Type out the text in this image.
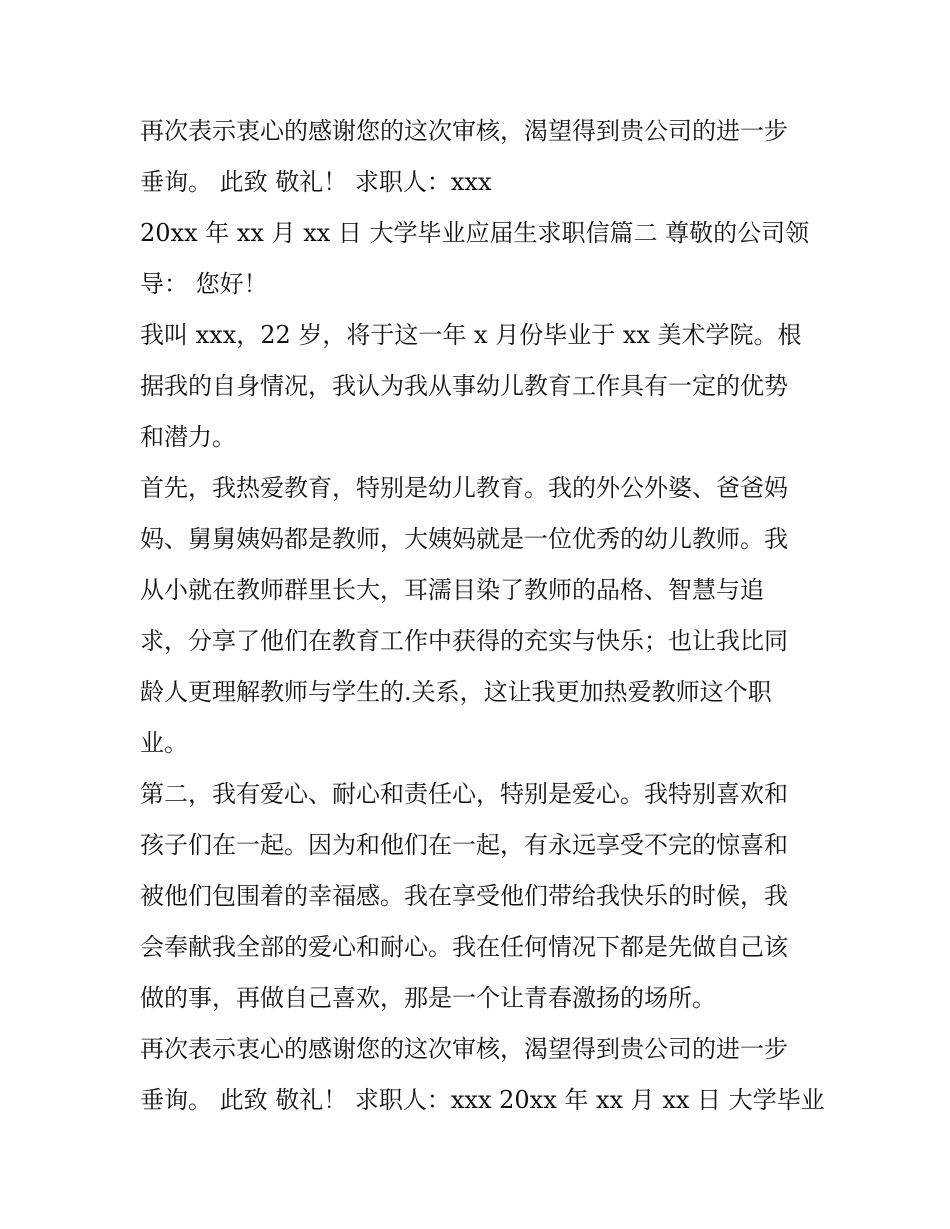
再次表示衷心的感谢您的这次审核，渴望得到贵公司的进一步
垂询。 此致 敬礼！ 求职人：xxx
20xx 年 xx 月 xx 日 大学毕业应届生求职信篇二 尊敬的公司领
导： 您好！
我叫 xxx，22 岁，将于这一年 x 月份毕业于 xx 美术学院。根
据我的自身情况，我认为我从事幼儿教育工作具有一定的优势
和潜力。
首先，我热爱教育，特别是幼儿教育。我的外公外婆、爸爸妈
妈、舅舅姨妈都是教师，大姨妈就是一位优秀的幼儿教师。我
从小就在教师群里长大，耳濡目染了教师的品格、智慧与追
求，分享了他们在教育工作中获得的充实与快乐；也让我比同
龄人更理解教师与学生的.关系，这让我更加热爱教师这个职
业。
第二，我有爱心、耐心和责任心，特别是爱心。我特别喜欢和
孩子们在一起。因为和他们在一起，有永远享受不完的惊喜和
被他们包围着的幸福感。我在享受他们带给我快乐的时候，我
会奉献我全部的爱心和耐心。我在任何情况下都是先做自己该
做的事，再做自己喜欢，那是一个让青春激扬的场所。
再次表示衷心的感谢您的这次审核，渴望得到贵公司的进一步
垂询。 此致 敬礼！ 求职人：xxx 20xx 年 xx 月 xx 日 大学毕业
